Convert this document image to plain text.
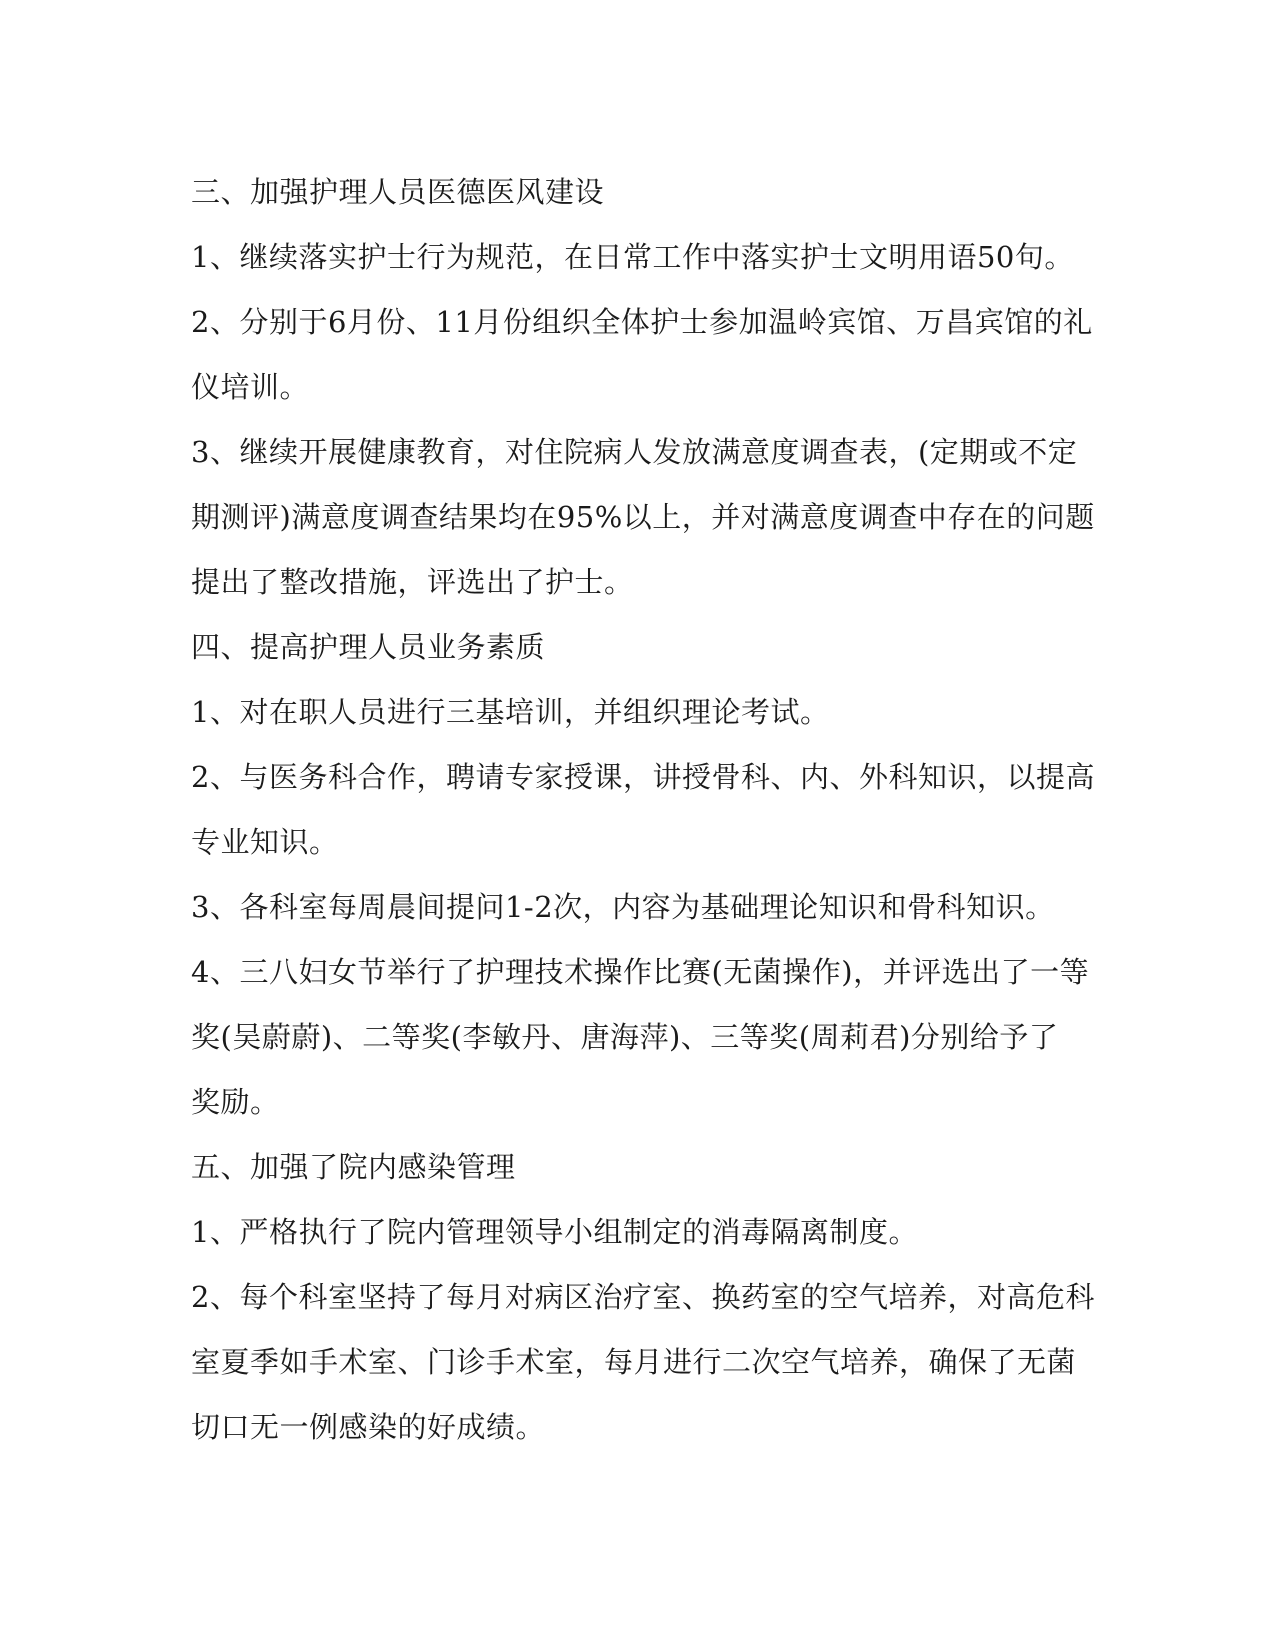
三、加强护理人员医德医风建设
1、继续落实护士行为规范，在日常工作中落实护士文明用语50句。
2、分别于6月份、11月份组织全体护士参加温岭宾馆、万昌宾馆的礼
仪培训。
3、继续开展健康教育，对住院病人发放满意度调查表，(定期或不定
期测评)满意度调查结果均在95%以上，并对满意度调查中存在的问题
提出了整改措施，评选出了护士。
四、提高护理人员业务素质
1、对在职人员进行三基培训，并组织理论考试。
2、与医务科合作，聘请专家授课，讲授骨科、内、外科知识，以提高
专业知识。
3、各科室每周晨间提问1-2次，内容为基础理论知识和骨科知识。
4、三八妇女节举行了护理技术操作比赛(无菌操作)，并评选出了一等
奖(吴蔚蔚)、二等奖(李敏丹、唐海萍)、三等奖(周莉君)分别给予了
奖励。
五、加强了院内感染管理
1、严格执行了院内管理领导小组制定的消毒隔离制度。
2、每个科室坚持了每月对病区治疗室、换药室的空气培养，对高危科
室夏季如手术室、门诊手术室，每月进行二次空气培养，确保了无菌
切口无一例感染的好成绩。
